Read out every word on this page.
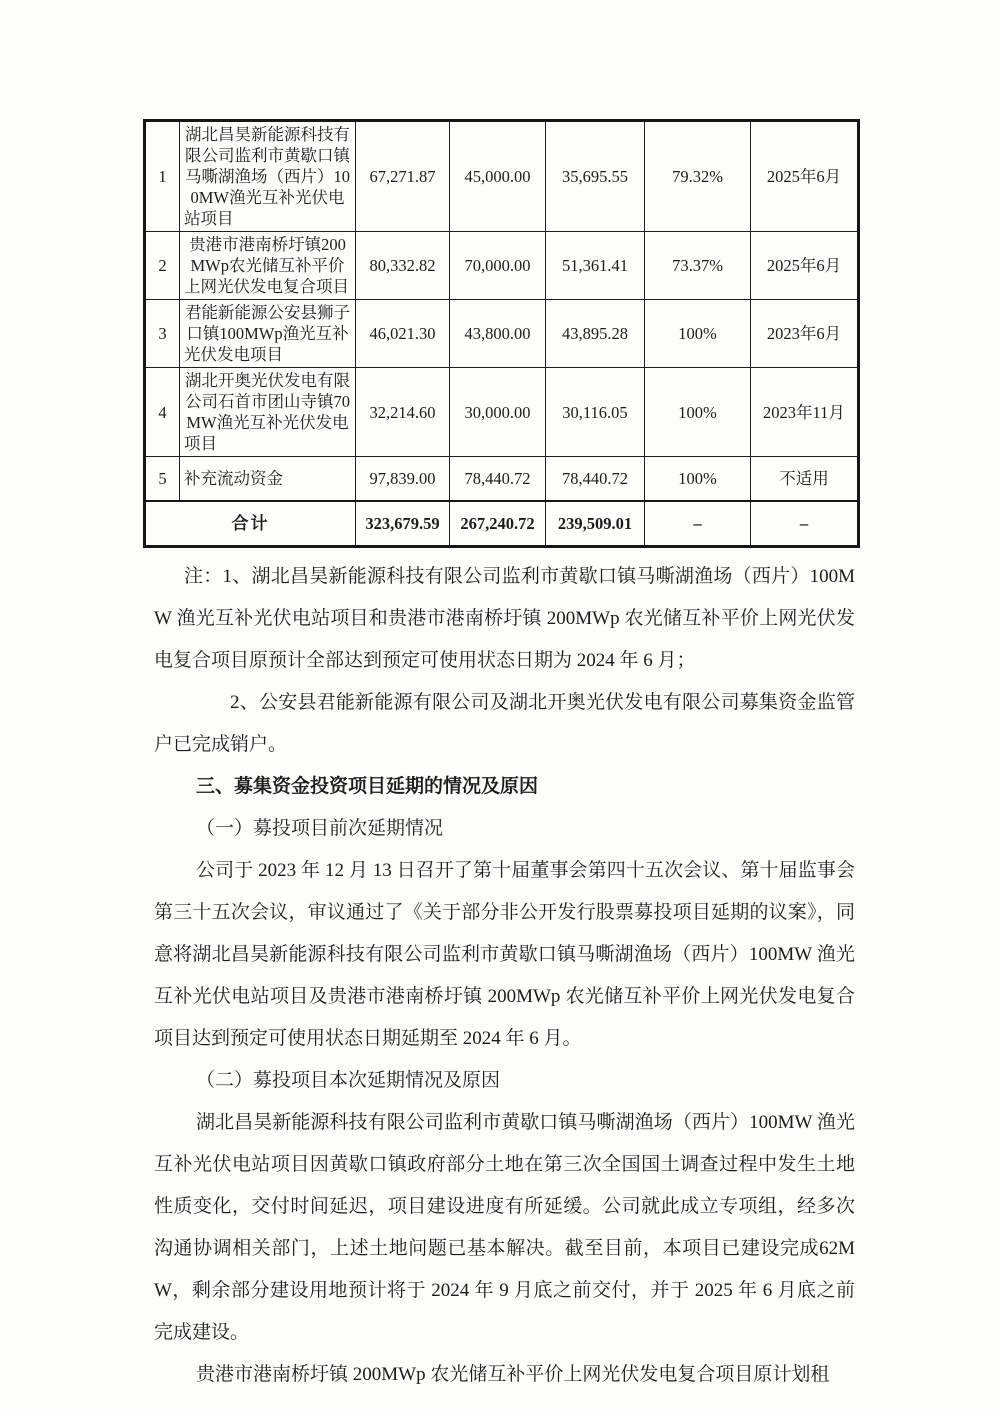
1	湖北昌昊新能源科技有限公司监利市黄歇口镇马嘶湖渔场（西片）100MW渔光互补光伏电站项目	67,271.87	45,000.00	35,695.55	79.32%	2025年6月
2	贵港市港南桥圩镇200MWp农光储互补平价上网光伏发电复合项目	80,332.82	70,000.00	51,361.41	73.37%	2025年6月
3	君能新能源公安县狮子口镇100MWp渔光互补光伏发电项目	46,021.30	43,800.00	43,895.28	100%	2023年6月
4	湖北开奥光伏发电有限公司石首市团山寺镇70MW渔光互补光伏发电项目	32,214.60	30,000.00	30,116.05	100%	2023年11月
5	补充流动资金	97,839.00	78,440.72	78,440.72	100%	不适用
合计		323,679.59	267,240.72	239,509.01	–	–

注：1、湖北昌昊新能源科技有限公司监利市黄歇口镇马嘶湖渔场（西片）100MW 渔光互补光伏电站项目和贵港市港南桥圩镇 200MWp 农光储互补平价上网光伏发电复合项目原预计全部达到预定可使用状态日期为 2024 年 6 月；

2、公安县君能新能源有限公司及湖北开奥光伏发电有限公司募集资金监管户已完成销户。

三、募集资金投资项目延期的情况及原因

（一）募投项目前次延期情况

公司于 2023 年 12 月 13 日召开了第十届董事会第四十五次会议、第十届监事会第三十五次会议，审议通过了《关于部分非公开发行股票募投项目延期的议案》，同意将湖北昌昊新能源科技有限公司监利市黄歇口镇马嘶湖渔场（西片）100MW 渔光互补光伏电站项目及贵港市港南桥圩镇 200MWp 农光储互补平价上网光伏发电复合项目达到预定可使用状态日期延期至 2024 年 6 月。

（二）募投项目本次延期情况及原因

湖北昌昊新能源科技有限公司监利市黄歇口镇马嘶湖渔场（西片）100MW 渔光互补光伏电站项目因黄歇口镇政府部分土地在第三次全国国土调查过程中发生土地性质变化，交付时间延迟，项目建设进度有所延缓。公司就此成立专项组，经多次沟通协调相关部门，上述土地问题已基本解决。截至目前，本项目已建设完成62MW，剩余部分建设用地预计将于 2024 年 9 月底之前交付，并于 2025 年 6 月底之前完成建设。

贵港市港南桥圩镇 200MWp 农光储互补平价上网光伏发电复合项目原计划租
